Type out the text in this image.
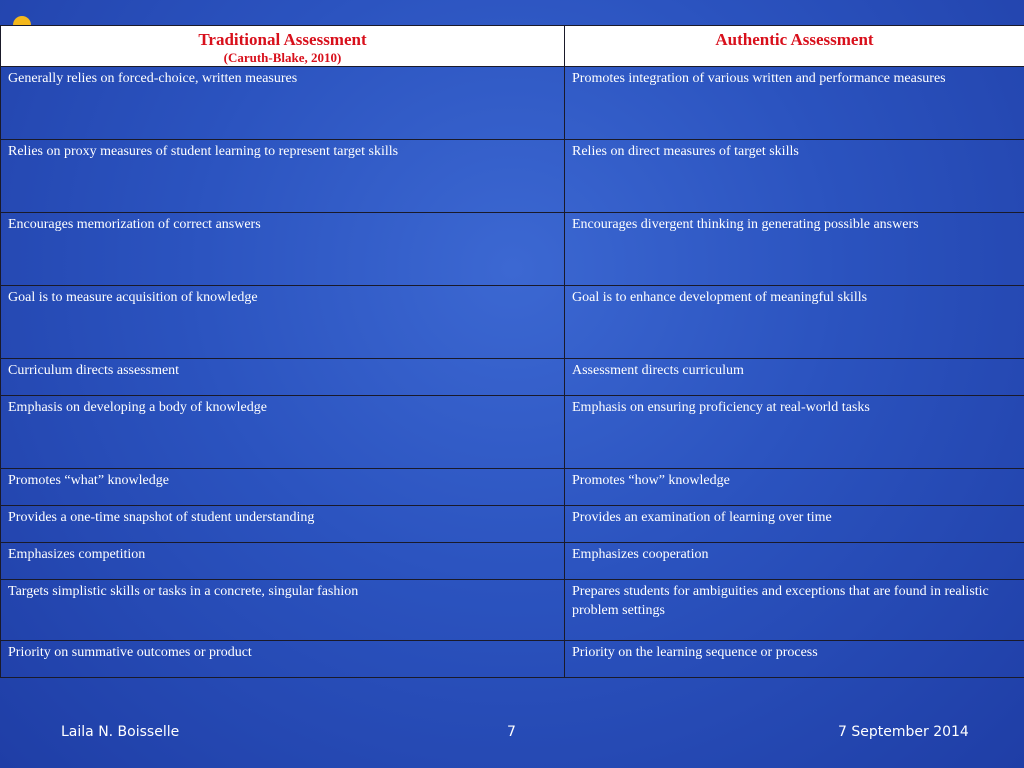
Traditional Assessment
(Caruth-Blake, 2010)	Authentic Assessment
Generally relies on forced-choice, written measures	Promotes integration of various written and performance measures
Relies on proxy measures of student learning to represent target skills	Relies on direct measures of target skills
Encourages memorization of correct answers	Encourages divergent thinking in generating possible answers
Goal is to measure acquisition of knowledge	Goal is to enhance development of meaningful skills
Curriculum directs assessment	Assessment directs curriculum
Emphasis on developing a body of knowledge	Emphasis on ensuring proficiency at real-world tasks
Promotes “what” knowledge	Promotes “how” knowledge
Provides a one-time snapshot of student understanding	Provides an examination of learning over time
Emphasizes competition	Emphasizes cooperation
Targets simplistic skills or tasks in a concrete, singular fashion	Prepares students for ambiguities and exceptions that are found in realistic problem settings
Priority on summative outcomes or product	Priority on the learning sequence or process
Laila N. Boisselle	7	7 September 2014
